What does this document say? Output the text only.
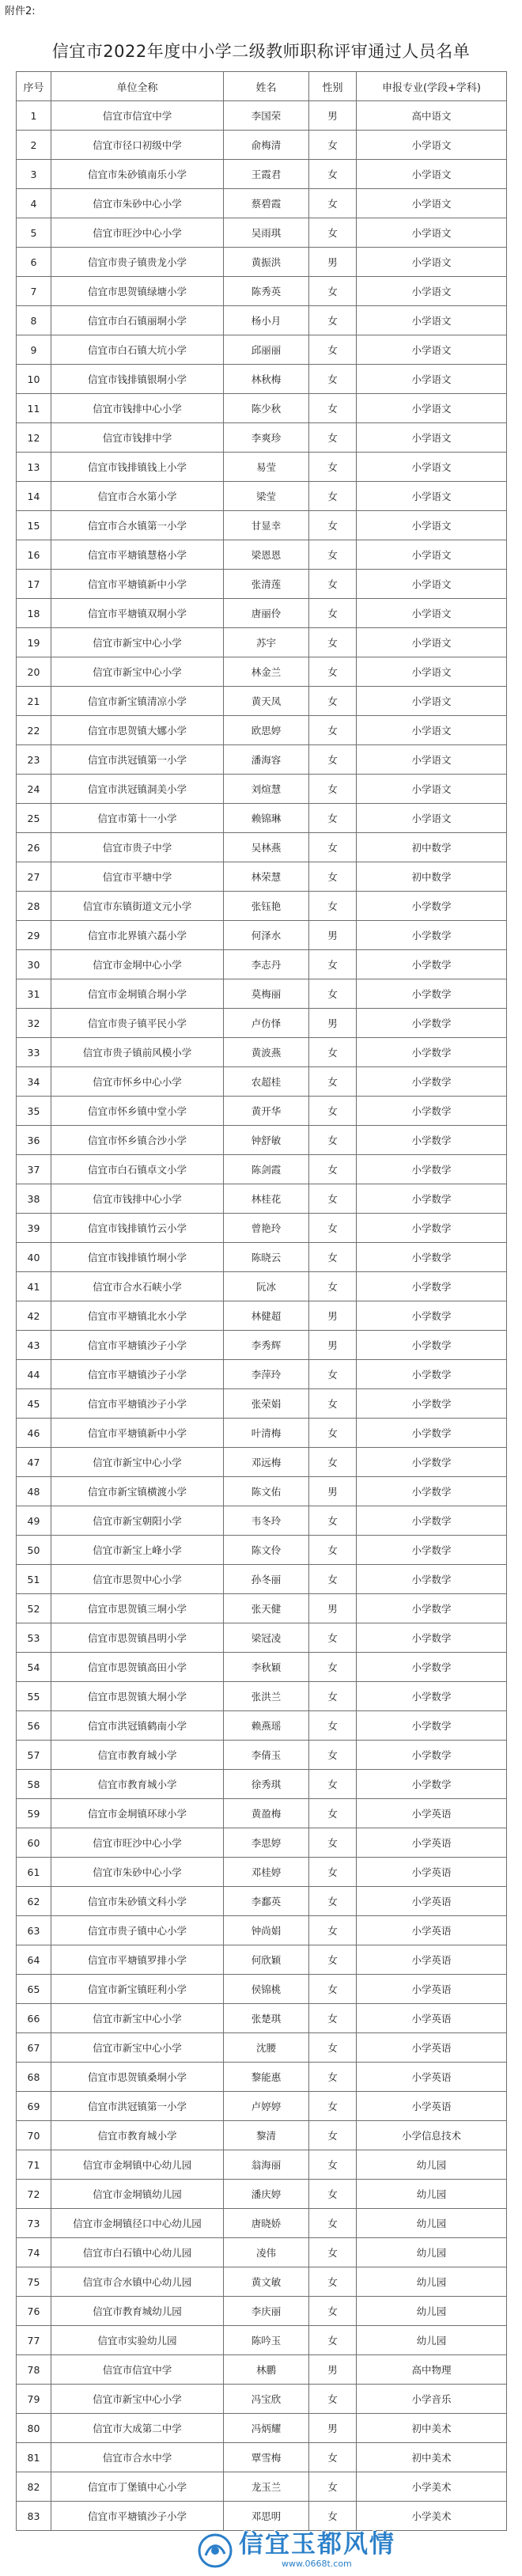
附件2:
信宜市2022年度中小学二级教师职称评审通过人员名单
序号	单位全称	姓名	性别	申报专业(学段+学科)
1	信宜市信宜中学	李国荣	男	高中语文
2	信宜市径口初级中学	俞梅清	女	小学语文
3	信宜市朱砂镇南乐小学	王霞君	女	小学语文
4	信宜市朱砂中心小学	蔡碧霞	女	小学语文
5	信宜市旺沙中心小学	吴雨琪	女	小学语文
6	信宜市贵子镇贵龙小学	黄振洪	男	小学语文
7	信宜市思贺镇绿塘小学	陈秀英	女	小学语文
8	信宜市白石镇丽垌小学	杨小月	女	小学语文
9	信宜市白石镇大坑小学	邱丽丽	女	小学语文
10	信宜市钱排镇银垌小学	林秋梅	女	小学语文
11	信宜市钱排中心小学	陈少秋	女	小学语文
12	信宜市钱排中学	李爽珍	女	小学语文
13	信宜市钱排镇钱上小学	易莹	女	小学语文
14	信宜市合水第小学	梁莹	女	小学语文
15	信宜市合水镇第一小学	甘显幸	女	小学语文
16	信宜市平塘镇慧格小学	梁恩恩	女	小学语文
17	信宜市平塘镇新中小学	张清莲	女	小学语文
18	信宜市平塘镇双垌小学	唐丽伶	女	小学语文
19	信宜市新宝中心小学	苏宇	女	小学语文
20	信宜市新宝中心小学	林金兰	女	小学语文
21	信宜市新宝镇清凉小学	黄天凤	女	小学语文
22	信宜市思贺镇大娜小学	欧思婷	女	小学语文
23	信宜市洪冠镇第一小学	潘海容	女	小学语文
24	信宜市洪冠镇洞美小学	刘煊慧	女	小学语文
25	信宜市第十一小学	赖锦琳	女	小学语文
26	信宜市贵子中学	吴林燕	女	初中数学
27	信宜市平塘中学	林荣慧	女	初中数学
28	信宜市东镇街道文元小学	张钰艳	女	小学数学
29	信宜市北界镇六磊小学	何泽水	男	小学数学
30	信宜市金垌中心小学	李志丹	女	小学数学
31	信宜市金垌镇合垌小学	莫梅丽	女	小学数学
32	信宜市贵子镇平民小学	卢仿怿	男	小学数学
33	信宜市贵子镇前风模小学	黄波燕	女	小学数学
34	信宜市怀乡中心小学	农超桂	女	小学数学
35	信宜市怀乡镇中堂小学	黄开华	女	小学数学
36	信宜市怀乡镇合沙小学	钟舒敏	女	小学数学
37	信宜市白石镇卓文小学	陈剑霞	女	小学数学
38	信宜市钱排中心小学	林桂花	女	小学数学
39	信宜市钱排镇竹云小学	曾艳玲	女	小学数学
40	信宜市钱排镇竹垌小学	陈晓云	女	小学数学
41	信宜市合水石峡小学	阮冰	女	小学数学
42	信宜市平塘镇北水小学	林健超	男	小学数学
43	信宜市平塘镇沙子小学	李秀辉	男	小学数学
44	信宜市平塘镇沙子小学	李萍玲	女	小学数学
45	信宜市平塘镇沙子小学	张荣娟	女	小学数学
46	信宜市平塘镇新中小学	叶清梅	女	小学数学
47	信宜市新宝中心小学	邓远梅	女	小学数学
48	信宜市新宝镇横渡小学	陈文佑	男	小学数学
49	信宜市新宝朝阳小学	韦冬玲	女	小学数学
50	信宜市新宝上峰小学	陈文伶	女	小学数学
51	信宜市思贺中心小学	孙冬丽	女	小学数学
52	信宜市思贺镇三垌小学	张天健	男	小学数学
53	信宜市思贺镇昌明小学	梁冠凌	女	小学数学
54	信宜市思贺镇高田小学	李秋颖	女	小学数学
55	信宜市思贺镇大垌小学	张洪兰	女	小学数学
56	信宜市洪冠镇鹤南小学	赖燕瑶	女	小学数学
57	信宜市教育城小学	李倩玉	女	小学数学
58	信宜市教育城小学	徐秀琪	女	小学数学
59	信宜市金垌镇环球小学	黄盈梅	女	小学英语
60	信宜市旺沙中心小学	李思婷	女	小学英语
61	信宜市朱砂中心小学	邓桂婷	女	小学英语
62	信宜市朱砂镇文科小学	李鄱英	女	小学英语
63	信宜市贵子镇中心小学	钟尚娟	女	小学英语
64	信宜市平塘镇罗排小学	何欣颖	女	小学英语
65	信宜市新宝镇旺利小学	侯锦桃	女	小学英语
66	信宜市新宝中心小学	张楚琪	女	小学英语
67	信宜市新宝中心小学	沈腰	女	小学英语
68	信宜市思贺镇桑垌小学	黎能惠	女	小学英语
69	信宜市洪冠镇第一小学	卢婷婷	女	小学英语
70	信宜市教育城小学	黎清	女	小学信息技术
71	信宜市金垌镇中心幼儿园	翁海丽	女	幼儿园
72	信宜市金垌镇幼儿园	潘庆婷	女	幼儿园
73	信宜市金垌镇径口中心幼儿园	唐晓娇	女	幼儿园
74	信宜市白石镇中心幼儿园	凌伟	女	幼儿园
75	信宜市合水镇中心幼儿园	黄文敏	女	幼儿园
76	信宜市教育城幼儿园	李庆丽	女	幼儿园
77	信宜市实验幼儿园	陈吟玉	女	幼儿园
78	信宜市信宜中学	林鹏	男	高中物理
79	信宜市新宝中心小学	冯宝欣	女	小学音乐
80	信宜市大成第二中学	冯炳耀	男	初中美术
81	信宜市合水中学	覃雪梅	女	初中美术
82	信宜市丁堡镇中心小学	龙玉兰	女	小学美术
83	信宜市平塘镇沙子小学	邓思明	女	小学美术
信宜玉都风情
www.0668t.com
